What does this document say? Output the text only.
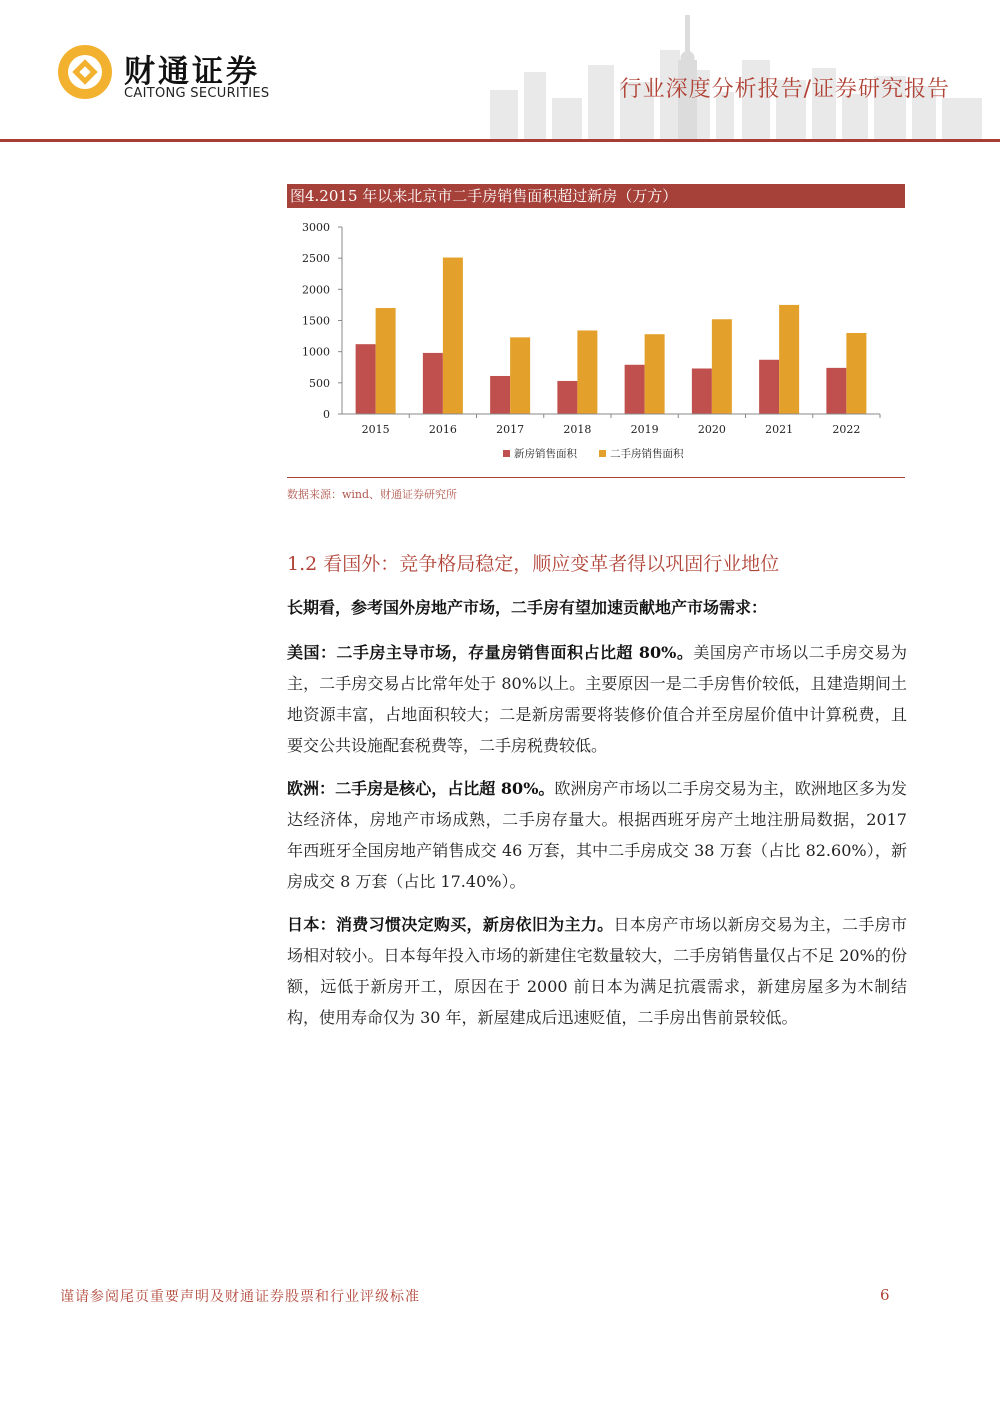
财通证券
CAITONG SECURITIES	行业深度分析报告/证券研究报告
图4.2015 年以来北京市二手房销售面积超过新房（万方）
0
500
1000
1500
2000
2500
3000
2015	2016	2017	2018	2019	2020	2021	2022
新房销售面积	二手房销售面积
数据来源：wind、财通证券研究所
1.2 看国外：竞争格局稳定，顺应变革者得以巩固行业地位
长期看，参考国外房地产市场，二手房有望加速贡献地产市场需求：
美国：二手房主导市场，存量房销售面积占比超 80%。美国房产市场以二手房交易为主，二手房交易占比常年处于 80%以上。主要原因一是二手房售价较低，且建造期间土地资源丰富，占地面积较大；二是新房需要将装修价值合并至房屋价值中计算税费，且要交公共设施配套税费等，二手房税费较低。
欧洲：二手房是核心，占比超 80%。欧洲房产市场以二手房交易为主，欧洲地区多为发达经济体，房地产市场成熟，二手房存量大。根据西班牙房产土地注册局数据，2017 年西班牙全国房地产销售成交 46 万套，其中二手房成交 38 万套（占比 82.60%），新房成交 8 万套（占比 17.40%）。
日本：消费习惯决定购买，新房依旧为主力。日本房产市场以新房交易为主，二手房市场相对较小。日本每年投入市场的新建住宅数量较大，二手房销售量仅占不足 20%的份额，远低于新房开工，原因在于 2000 前日本为满足抗震需求，新建房屋多为木制结构，使用寿命仅为 30 年，新屋建成后迅速贬值，二手房出售前景较低。
谨请参阅尾页重要声明及财通证券股票和行业评级标准	6
